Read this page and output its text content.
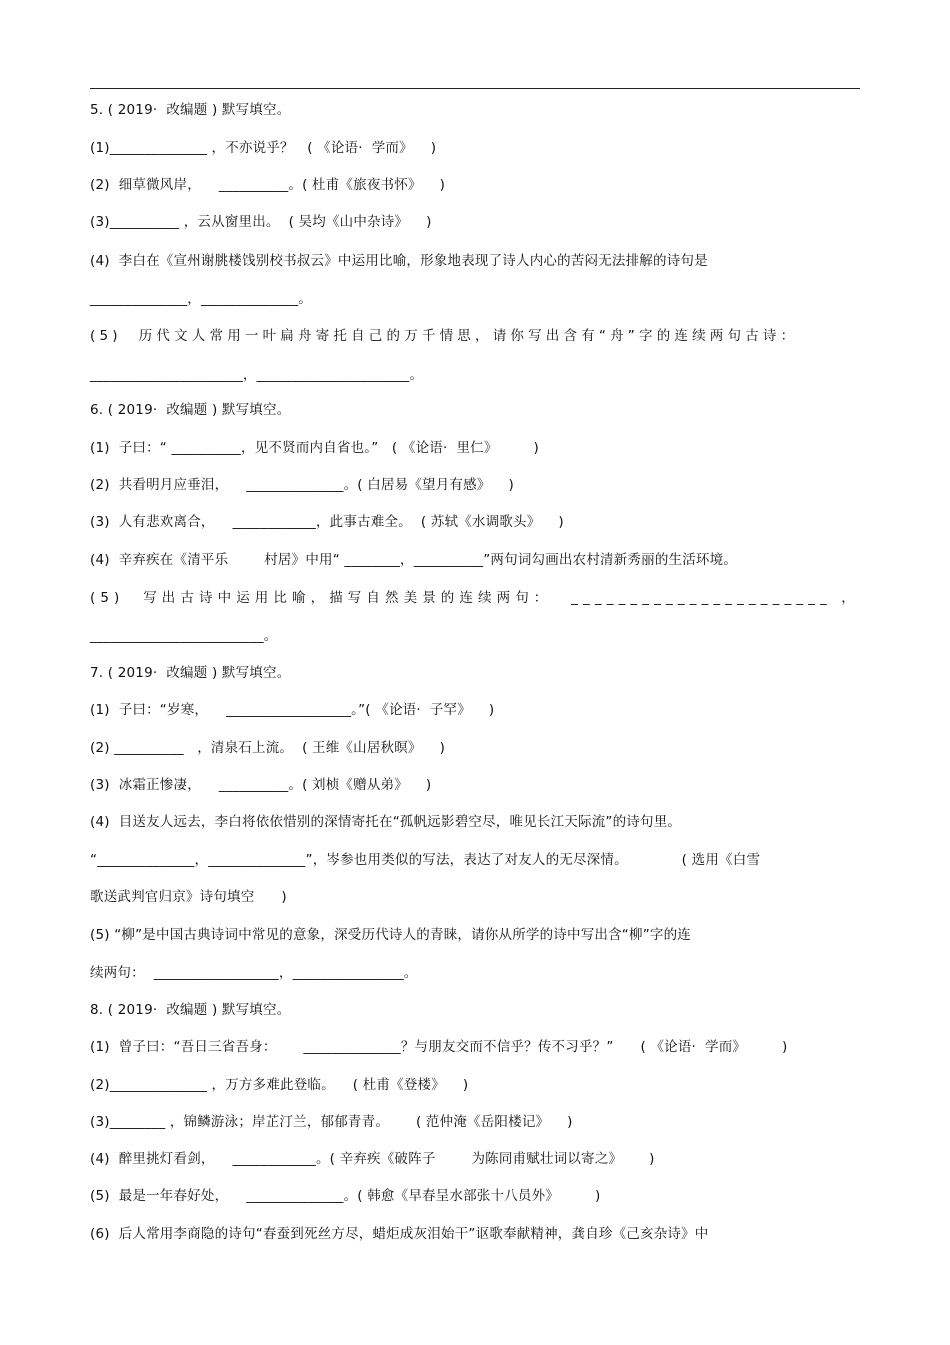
5. ( 2019·  改编题 ) 默写填空。
(1)______________ ，不亦说乎？   ( 《论语·  学而》    )
(2)  细草微风岸，    __________。( 杜甫《旅夜书怀》    )
(3)__________ ，云从窗里出。  ( 吴均《山中杂诗》    )
(4)  李白在《宣州谢朓楼饯别校书叔云》中运用比喻，形象地表现了诗人内心的苦闷无法排解的诗句是
______________，______________。
(5)  历代文人常用一叶扁舟寄托自己的万千情思，请你写出含有“舟”字的连续两句古诗：
______________________，______________________。
6. ( 2019·  改编题 ) 默写填空。
(1)  子曰：“ __________，见不贤而内自省也。”   ( 《论语·  里仁》        )
(2)  共看明月应垂泪，    ______________。( 白居易《望月有感》    )
(3)  人有悲欢离合，    ____________，此事古难全。  ( 苏轼《水调歌头》    )
(4)  辛弃疾在《清平乐        村居》中用“ ________，__________”两句词勾画出农村清新秀丽的生活环境。
(5)  写出古诗中运用比喻，描写自然美景的连续两句：  ______________________ ，
_________________________。
7. ( 2019·  改编题 ) 默写填空。
(1)  子曰：“岁寒，    __________________。”( 《论语·  子罕》    )
(2) __________   ，清泉石上流。  ( 王维《山居秋暝》    )
(3)  冰霜正惨凄，    __________。( 刘桢《赠从弟》    )
(4)  目送友人远去，李白将依依惜别的深情寄托在“孤帆远影碧空尽，唯见长江天际流”的诗句里。
“______________，______________”，岑参也用类似的写法，表达了对友人的无尽深情。            ( 选用《白雪
歌送武判官归京》诗句填空      )
(5) “柳”是中国古典诗词中常见的意象，深受历代诗人的青睐，请你从所学的诗中写出含“柳”字的连
续两句：  __________________，________________。
8. ( 2019·  改编题 ) 默写填空。
(1)  曾子曰：“吾日三省吾身：      ______________？与朋友交而不信乎？传不习乎？”      ( 《论语·  学而》        )
(2)______________ ，万方多难此登临。    ( 杜甫《登楼》    )
(3)________ ，锦鳞游泳；岸芷汀兰，郁郁青青。      ( 范仲淹《岳阳楼记》    )
(4)  醉里挑灯看剑，    ____________。( 辛弃疾《破阵子        为陈同甫赋壮词以寄之》      )
(5)  最是一年春好处，    ______________。( 韩愈《早春呈水部张十八员外》        )
(6)  后人常用李商隐的诗句“春蚕到死丝方尽，蜡炬成灰泪始干”讴歌奉献精神，龚自珍《己亥杂诗》中
